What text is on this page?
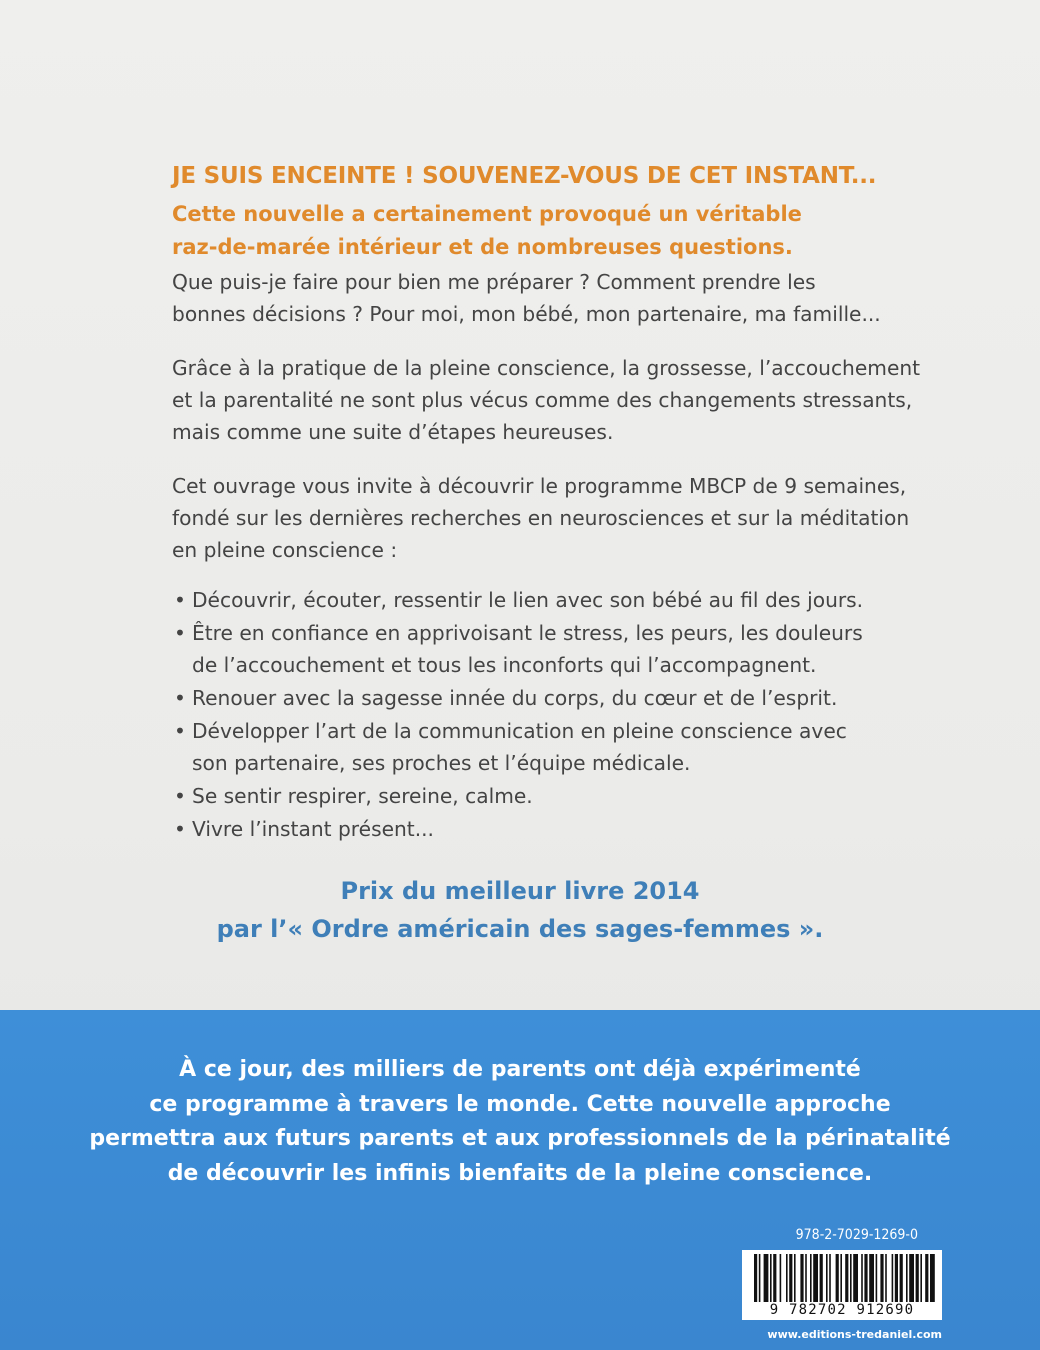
JE SUIS ENCEINTE ! SOUVENEZ-VOUS DE CET INSTANT...
Cette nouvelle a certainement provoqué un véritable
raz-de-marée intérieur et de nombreuses questions.
Que puis-je faire pour bien me préparer ? Comment prendre les
bonnes décisions ? Pour moi, mon bébé, mon partenaire, ma famille...
Grâce à la pratique de la pleine conscience, la grossesse, l’accouchement
et la parentalité ne sont plus vécus comme des changements stressants,
mais comme une suite d’étapes heureuses.
Cet ouvrage vous invite à découvrir le programme MBCP de 9 semaines,
fondé sur les dernières recherches en neurosciences et sur la méditation
en pleine conscience :
• Découvrir, écouter, ressentir le lien avec son bébé au fil des jours.
• Être en confiance en apprivoisant le stress, les peurs, les douleurs
de l’accouchement et tous les inconforts qui l’accompagnent.
• Renouer avec la sagesse innée du corps, du cœur et de l’esprit.
• Développer l’art de la communication en pleine conscience avec
son partenaire, ses proches et l’équipe médicale.
• Se sentir respirer, sereine, calme.
• Vivre l’instant présent...
Prix du meilleur livre 2014
par l’« Ordre américain des sages-femmes ».
À ce jour, des milliers de parents ont déjà expérimenté
ce programme à travers le monde. Cette nouvelle approche
permettra aux futurs parents et aux professionnels de la périnatalité
de découvrir les infinis bienfaits de la pleine conscience.
978-2-7029-1269-0
9 782702 912690
www.editions-tredaniel.com
